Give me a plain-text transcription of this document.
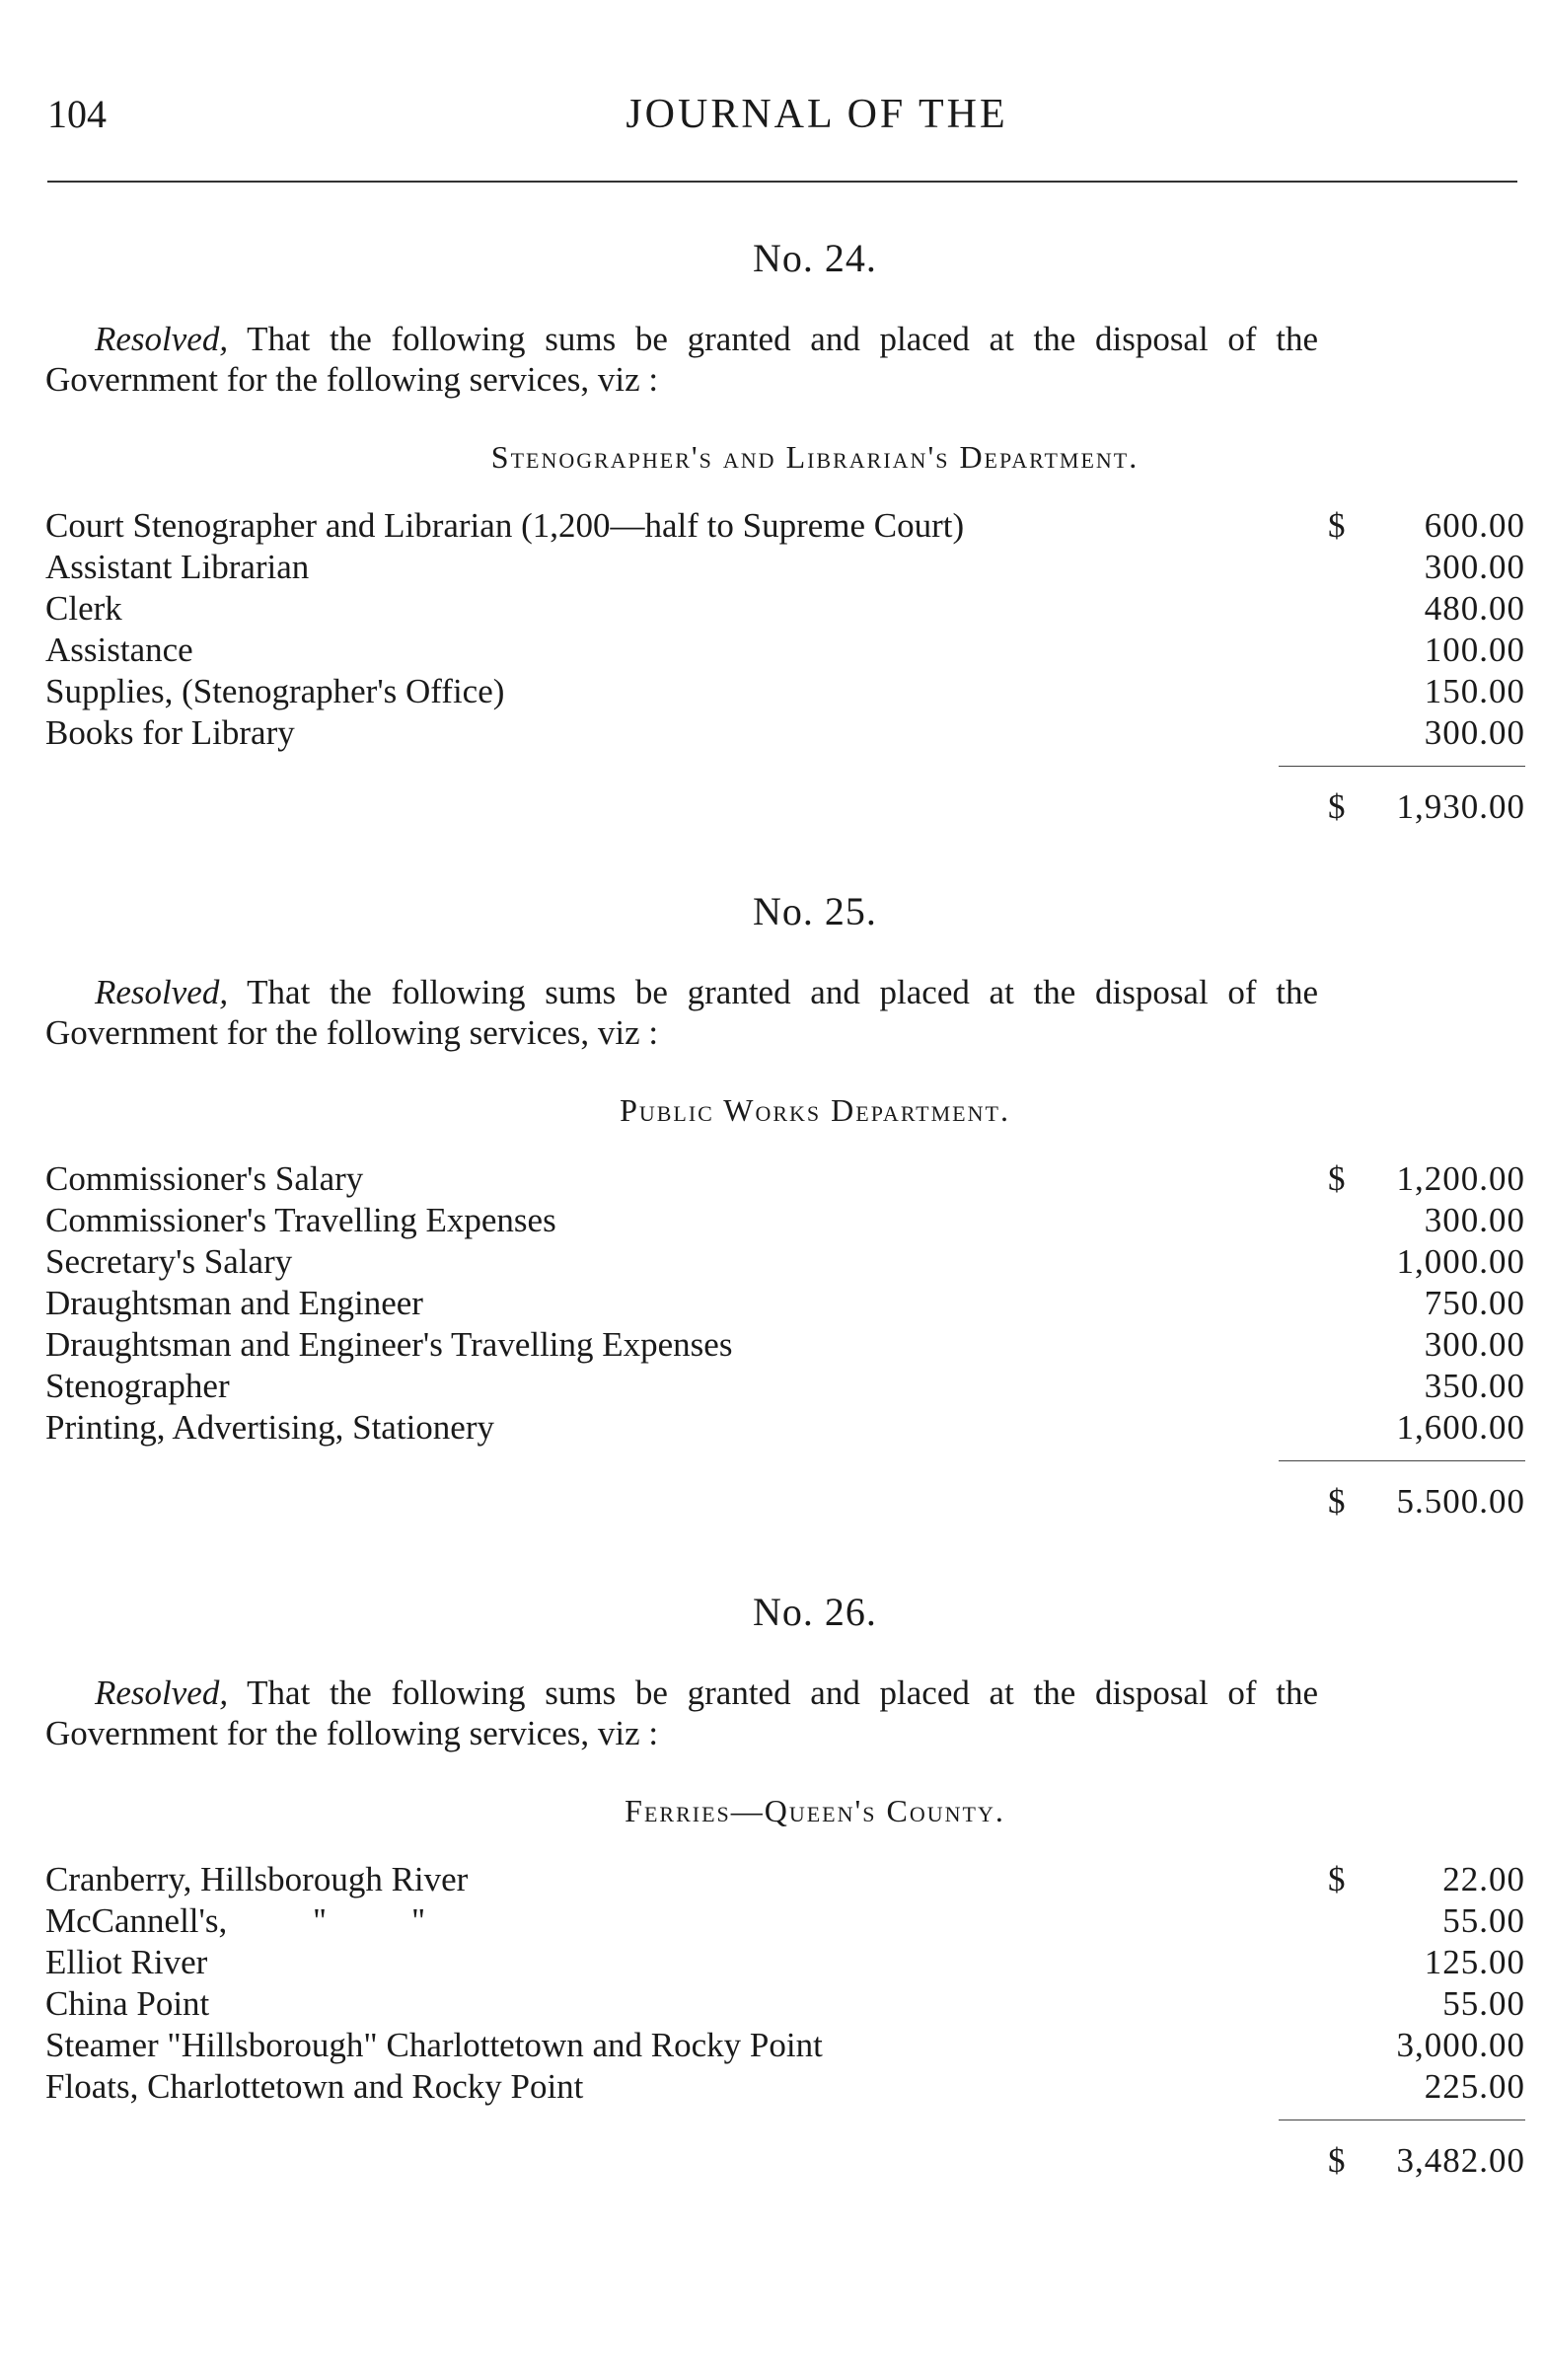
104	JOURNAL OF THE
No. 24.
Resolved, That the following sums be granted and placed at the disposal of the Government for the following services, viz :
Stenographer's and Librarian's Department.
Court Stenographer and Librarian (1,200—half to Supreme Court)	$ 600.00
Assistant Librarian	300.00
Clerk	480.00
Assistance	100.00
Supplies, (Stenographer's Office)	150.00
Books for Library	300.00
$ 1,930.00
No. 25.
Resolved, That the following sums be granted and placed at the disposal of the Government for the following services, viz :
Public Works Department.
Commissioner's Salary	$ 1,200.00
Commissioner's Travelling Expenses	300.00
Secretary's Salary	1,000.00
Draughtsman and Engineer	750.00
Draughtsman and Engineer's Travelling Expenses	300.00
Stenographer	350.00
Printing, Advertising, Stationery	1,600.00
$ 5.500.00
No. 26.
Resolved, That the following sums be granted and placed at the disposal of the Government for the following services, viz :
Ferries—Queen's County.
Cranberry, Hillsborough River	$	22.00
McCannell's,          ''          ''	55.00
Elliot River	125.00
China Point	55.00
Steamer "Hillsborough" Charlottetown and Rocky Point	3,000.00
Floats, Charlottetown and Rocky Point	225.00
$ 3,482.00
